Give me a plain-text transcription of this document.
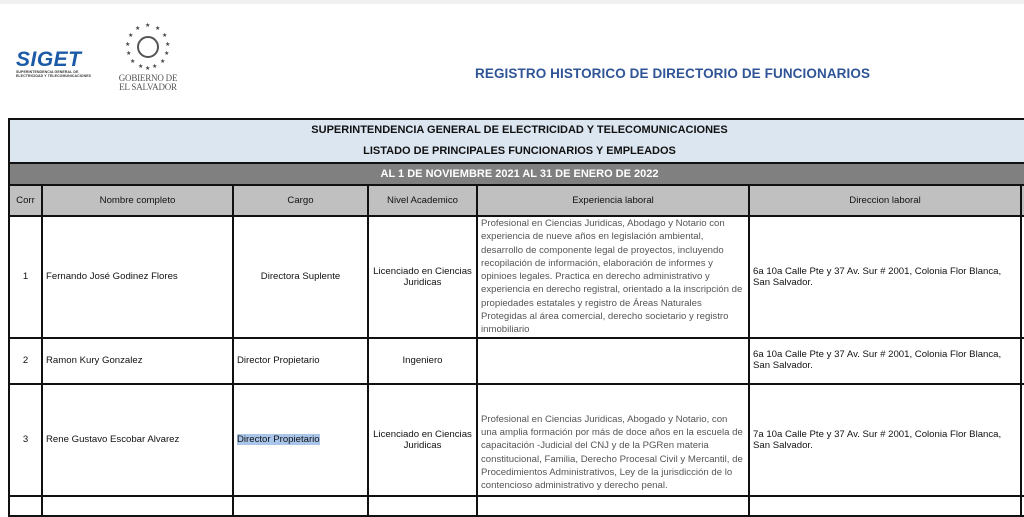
SIGET
SUPERINTENDENCIA GENERAL DE ELECTRICIDAD Y TELECOMUNICACIONES
★
★ ★
★	★
★	★
★	★
★	★
★ ★ ★
GOBIERNO DE
EL SALVADOR
REGISTRO HISTORICO DE DIRECTORIO DE FUNCIONARIOS
SUPERINTENDENCIA GENERAL DE ELECTRICIDAD Y TELECOMUNICACIONES
LISTADO DE PRINCIPALES FUNCIONARIOS Y EMPLEADOS						

AL 1 DE NOVIEMBRE 2021 AL 31 DE ENERO DE 2022						
Corr	Nombre completo	Cargo	Nivel Academico	Experiencia laboral	Direccion laboral	
1	Fernando José Godinez Flores	Directora Suplente	Licenciado en Ciencias Juridicas	Profesional en Ciencias Juridicas, Abodago y Notario con experiencia de nueve años en legislación ambiental, desarrollo de componente legal de proyectos, incluyendo recopilación de información, elaboración de informes y opinioes legales. Practica en derecho administrativo y experiencia en derecho registral, orientado a la inscripción de propiedades estatales y registro de Áreas Naturales Protegidas al área comercial, derecho societario y registro inmobiliario	6a 10a Calle Pte y 37 Av. Sur # 2001, Colonia Flor Blanca, San Salvador.	
2	Ramon Kury Gonzalez	Director Propietario	Ingeniero		6a 10a Calle Pte y 37 Av. Sur # 2001, Colonia Flor Blanca, San Salvador.	
3	Rene Gustavo Escobar Alvarez	Director Propietario	Licenciado en Ciencias Juridicas	Profesional en Ciencias Juridicas, Abogado y Notario, con una amplia formación por más de doce años en la escuela de capacitación -Judicial del CNJ y de la PGRen materia constitucional, Familia, Derecho Procesal Civil y Mercantil, de Procedimientos Administrativos, Ley de la jurisdicción de lo contencioso administrativo y derecho penal.	7a 10a Calle Pte y 37 Av. Sur # 2001, Colonia Flor Blanca, San Salvador.	
